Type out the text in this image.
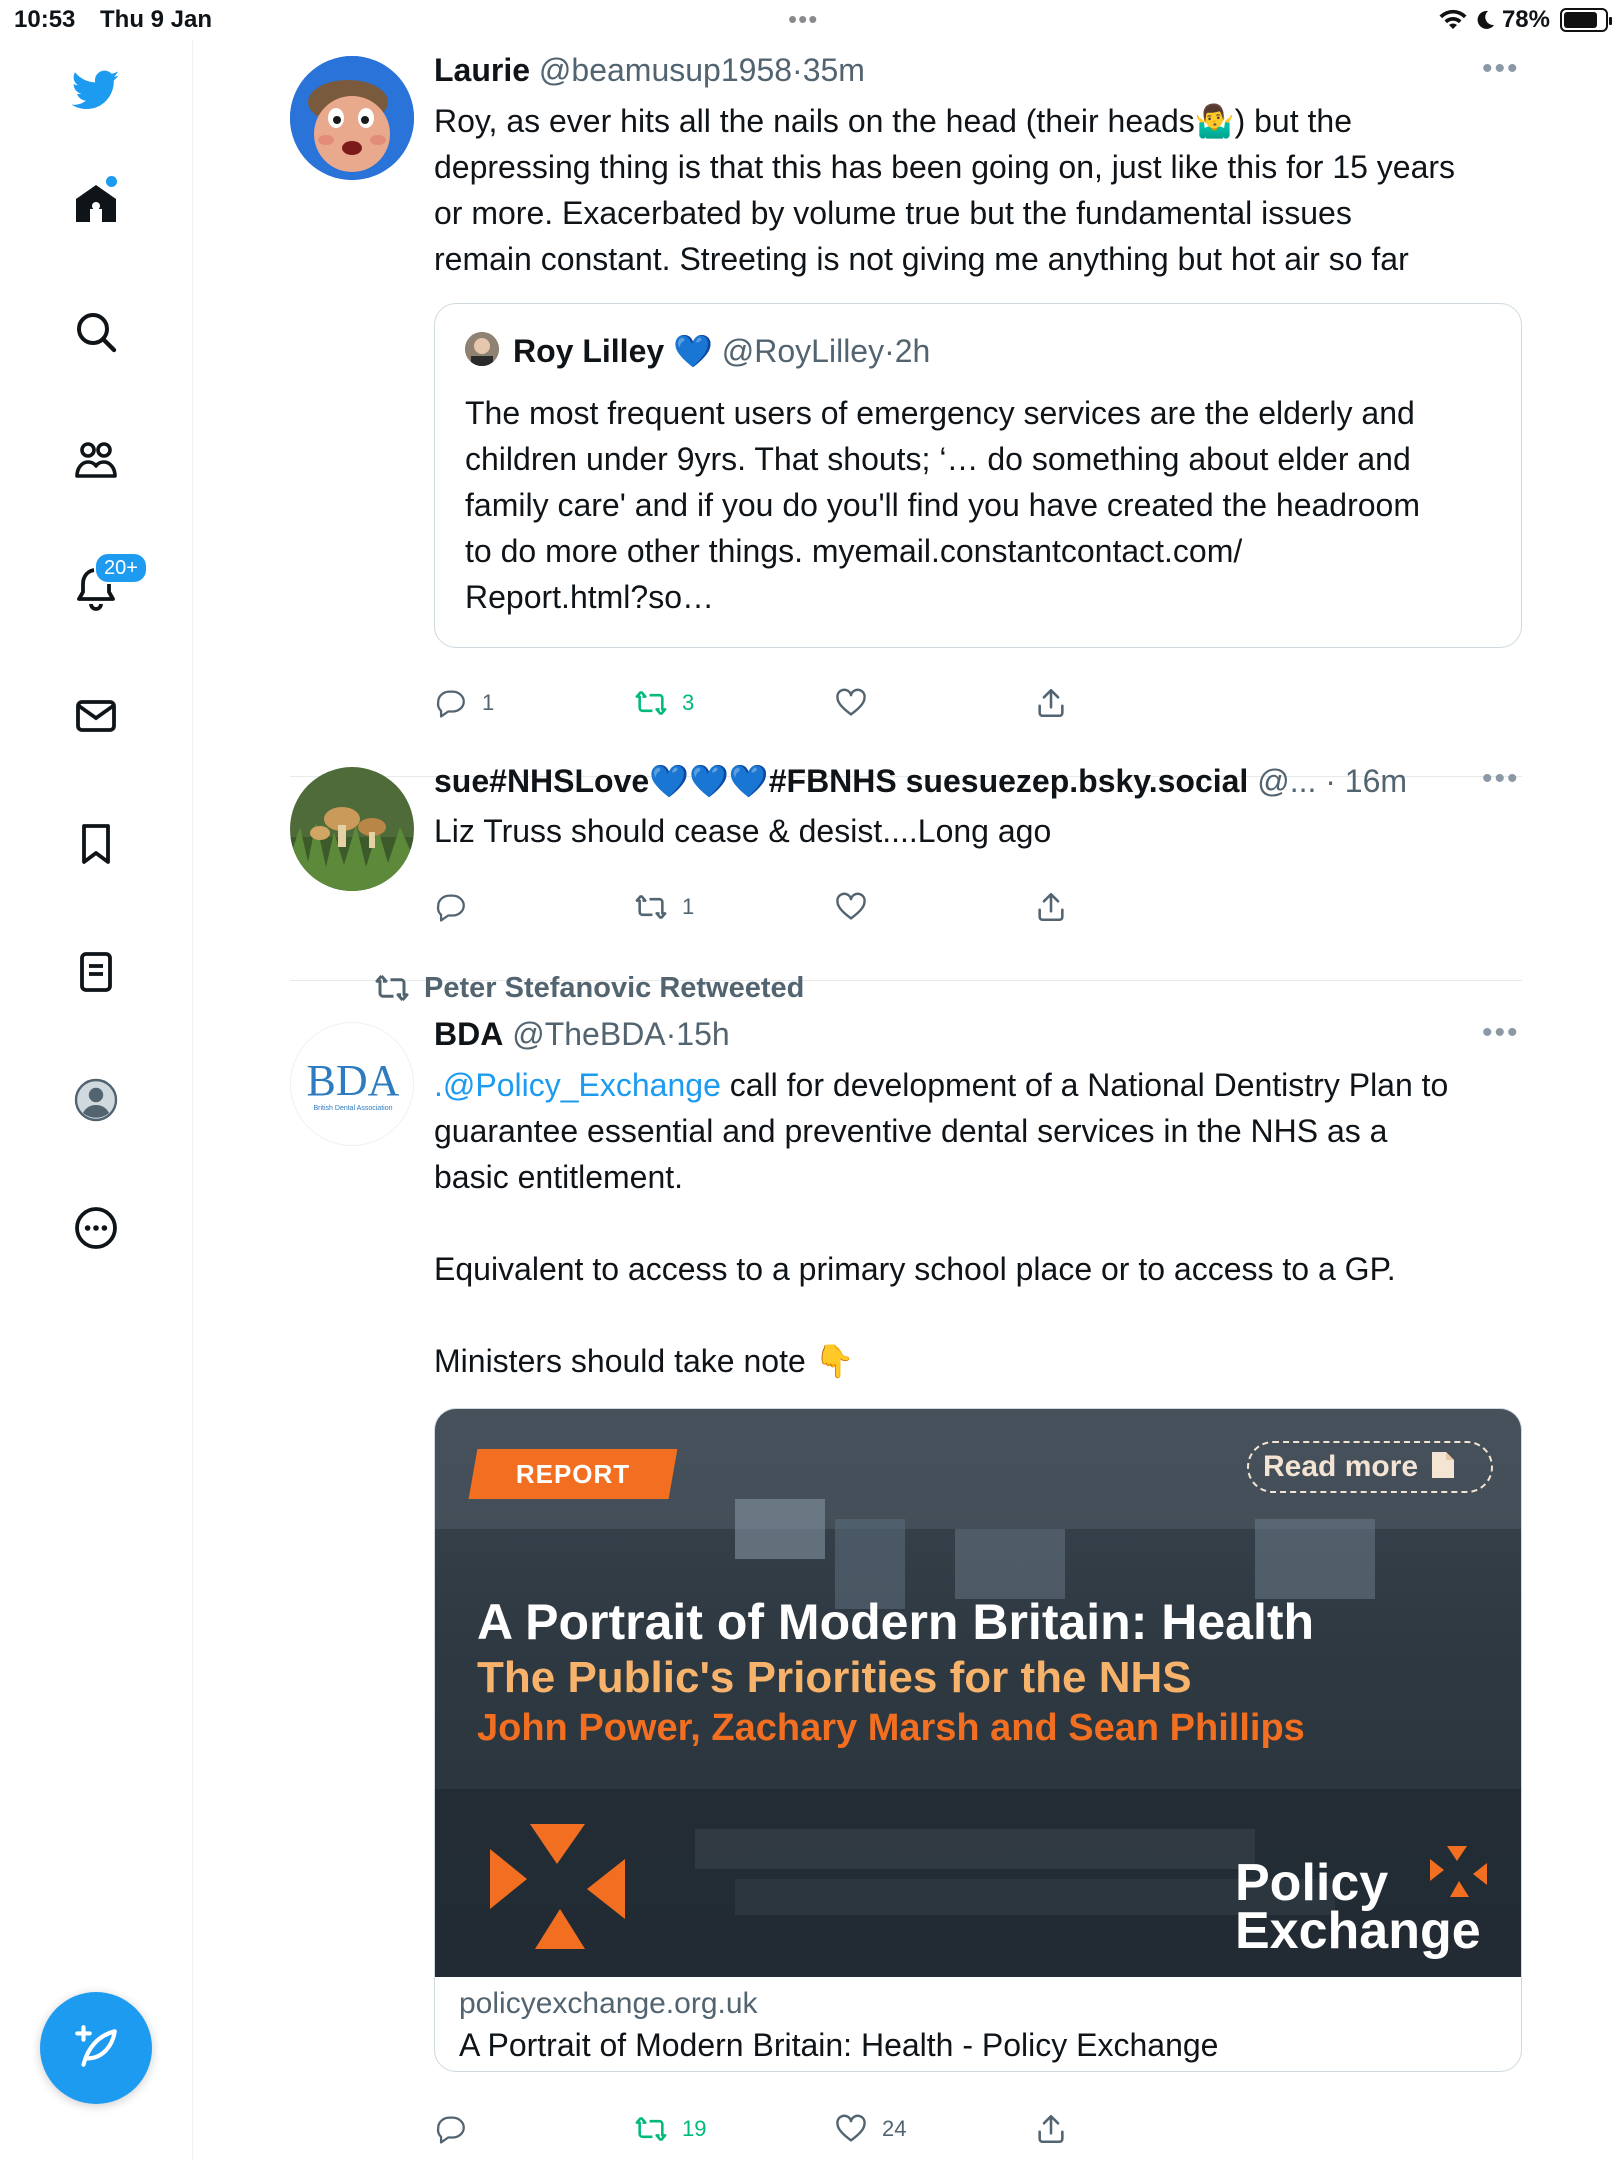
10:53 Thu 9 Jan	•••	78%
20+
Laurie
@beamusup1958 · 35m	•••
Roy, as ever hits all the nails on the head (their heads🤷‍♂️) but the
depressing thing is that this has been going on, just like this for 15 years
or more. Exacerbated by volume true but the fundamental issues
remain constant. Streeting is not giving me anything but hot air so far
Roy Lilley
💙
@RoyLilley · 2h
The most frequent users of emergency services are the elderly and
children under 9yrs. That shouts; ‘… do something about elder and
family care' and if you do you'll find you have created the headroom
to do more other things. myemail.constantcontact.com/
Report.html?so…
1	3
sue#NHSLove💙💙💙#FBNHS suesuezep.bsky.social
@...
·
16m •••
Liz Truss should cease & desist....Long ago
1
Peter Stefanovic Retweeted
BDA
British Dental Association
BDA
@TheBDA · 15h	•••
.@Policy_Exchange call for development of a National Dentistry Plan to
guarantee essential and preventive dental services in the NHS as a
basic entitlement.
Equivalent to access to a primary school place or to access to a GP.
Ministers should take note 👇
REPORT	Read more
A Portrait of Modern Britain: Health
The Public's Priorities for the NHS
John Power, Zachary Marsh and Sean Phillips
Policy
Exchange
policyexchange.org.uk
A Portrait of Modern Britain: Health - Policy Exchange
19	24
